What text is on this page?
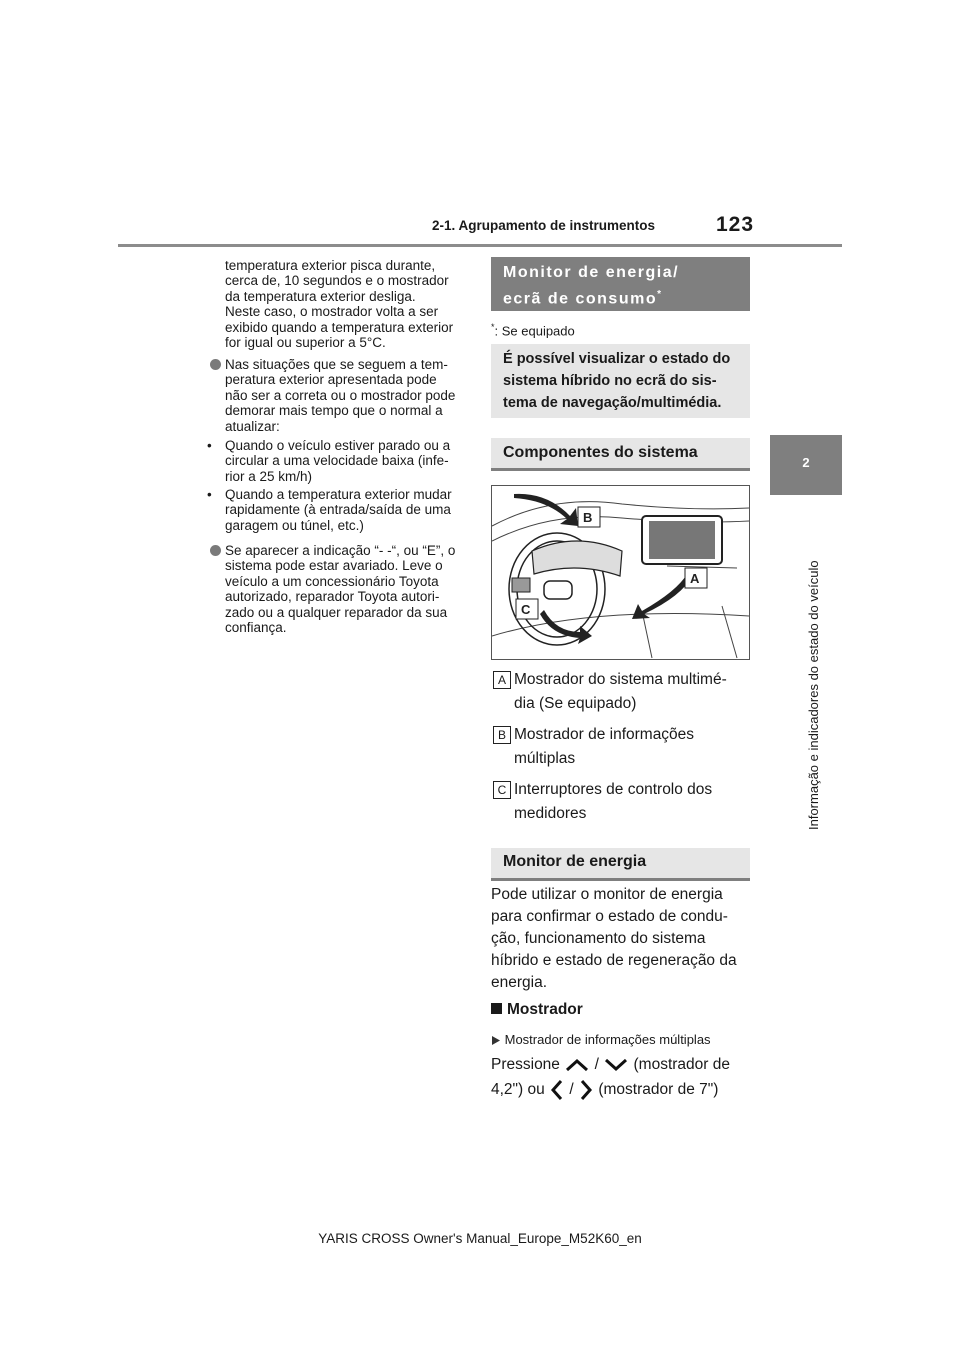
2-1. Agrupamento de instrumentos	123
2
Informação e indicadores do estado do veículo

temperatura exterior pisca durante,

cerca de, 10 segundos e o mostrador

da temperatura exterior desliga.

Neste caso, o mostrador volta a ser

exibido quando a temperatura exterior

for igual ou superior a 5°C.

Nas situações que se seguem a tem-
peratura exterior apresentada pode
não ser a correta ou o mostrador pode
demorar mais tempo que o normal a
atualizar:
• Quando o veículo estiver parado ou a
circular a uma velocidade baixa (infe-
rior a 25 km/h)
• Quando a temperatura exterior mudar
rapidamente (à entrada/saída de uma
garagem ou túnel, etc.)
Se aparecer a indicação “- -“, ou “E”, o
sistema pode estar avariado. Leve o
veículo a um concessionário Toyota
autorizado, reparador Toyota autori-
zado ou a qualquer reparador da sua
confiança.
Monitor de energia/
ecrã de consumo*
*: Se equipado
É possível visualizar o estado do
sistema híbrido no ecrã do sis-
tema de navegação/multimédia.
Componentes do sistema
B
A
C
A Mostrador do sistema multimé-
dia (Se equipado)
B Mostrador de informações
múltiplas
C Interruptores de controlo dos
medidores
Monitor de energia
Pode utilizar o monitor de energia
para confirmar o estado de condu-
ção, funcionamento do sistema
híbrido e estado de regeneração da
energia.
Mostrador
Mostrador de informações múltiplas
Pressione / (mostrador de
4,2") ou / (mostrador de 7")
YARIS CROSS Owner's Manual_Europe_M52K60_en
